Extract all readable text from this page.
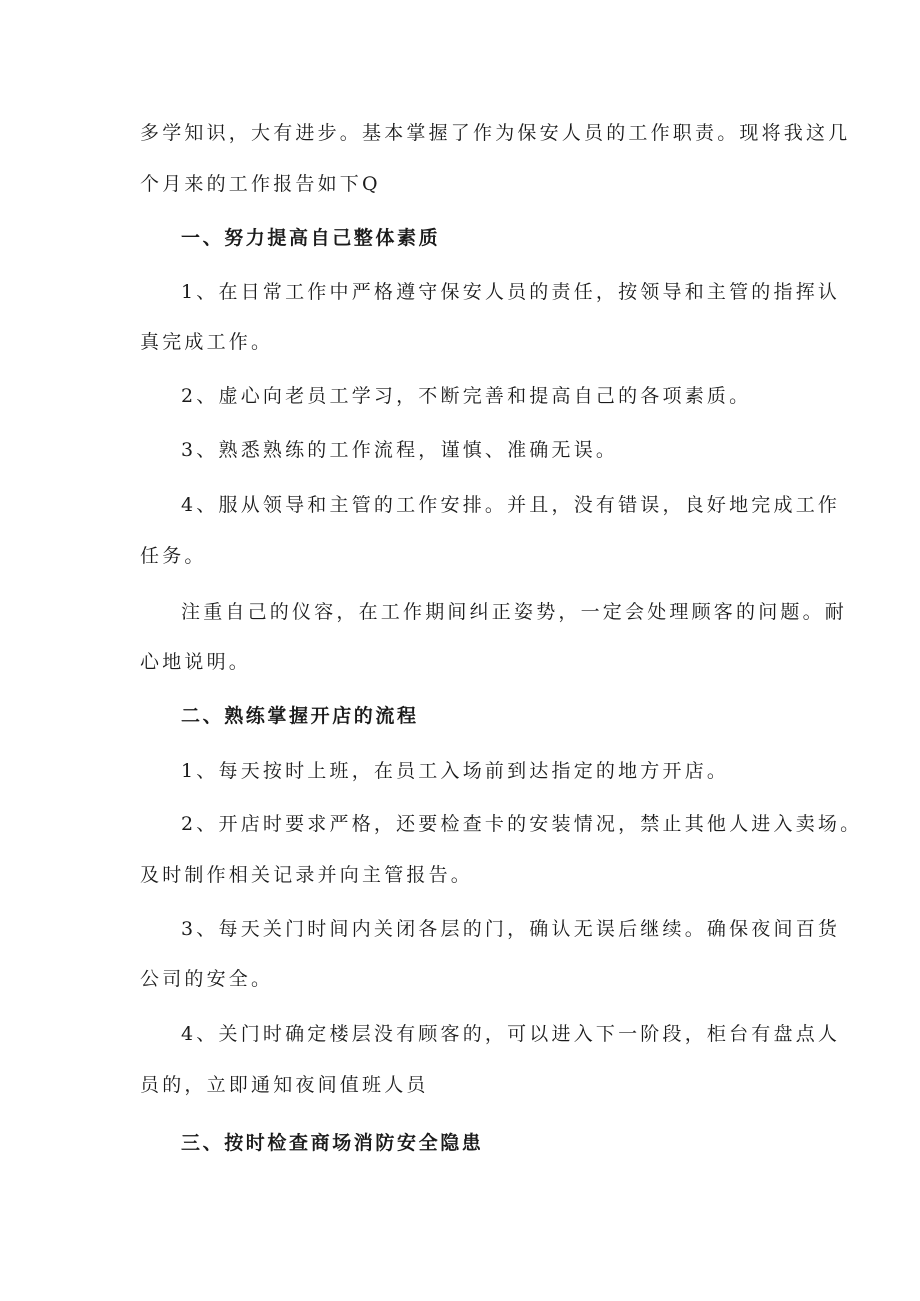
多学知识，大有进步。基本掌握了作为保安人员的工作职责。现将我这几
个月来的工作报告如下Q
一、努力提高自己整体素质
1、在日常工作中严格遵守保安人员的责任，按领导和主管的指挥认
真完成工作。
2、虚心向老员工学习，不断完善和提高自己的各项素质。
3、熟悉熟练的工作流程，谨慎、准确无误。
4、服从领导和主管的工作安排。并且，没有错误，良好地完成工作
任务。
注重自己的仪容，在工作期间纠正姿势，一定会处理顾客的问题。耐
心地说明。
二、熟练掌握开店的流程
1、每天按时上班，在员工入场前到达指定的地方开店。
2、开店时要求严格，还要检查卡的安装情况，禁止其他人进入卖场。
及时制作相关记录并向主管报告。
3、每天关门时间内关闭各层的门，确认无误后继续。确保夜间百货
公司的安全。
4、关门时确定楼层没有顾客的，可以进入下一阶段，柜台有盘点人
员的，立即通知夜间值班人员
三、按时检查商场消防安全隐患
